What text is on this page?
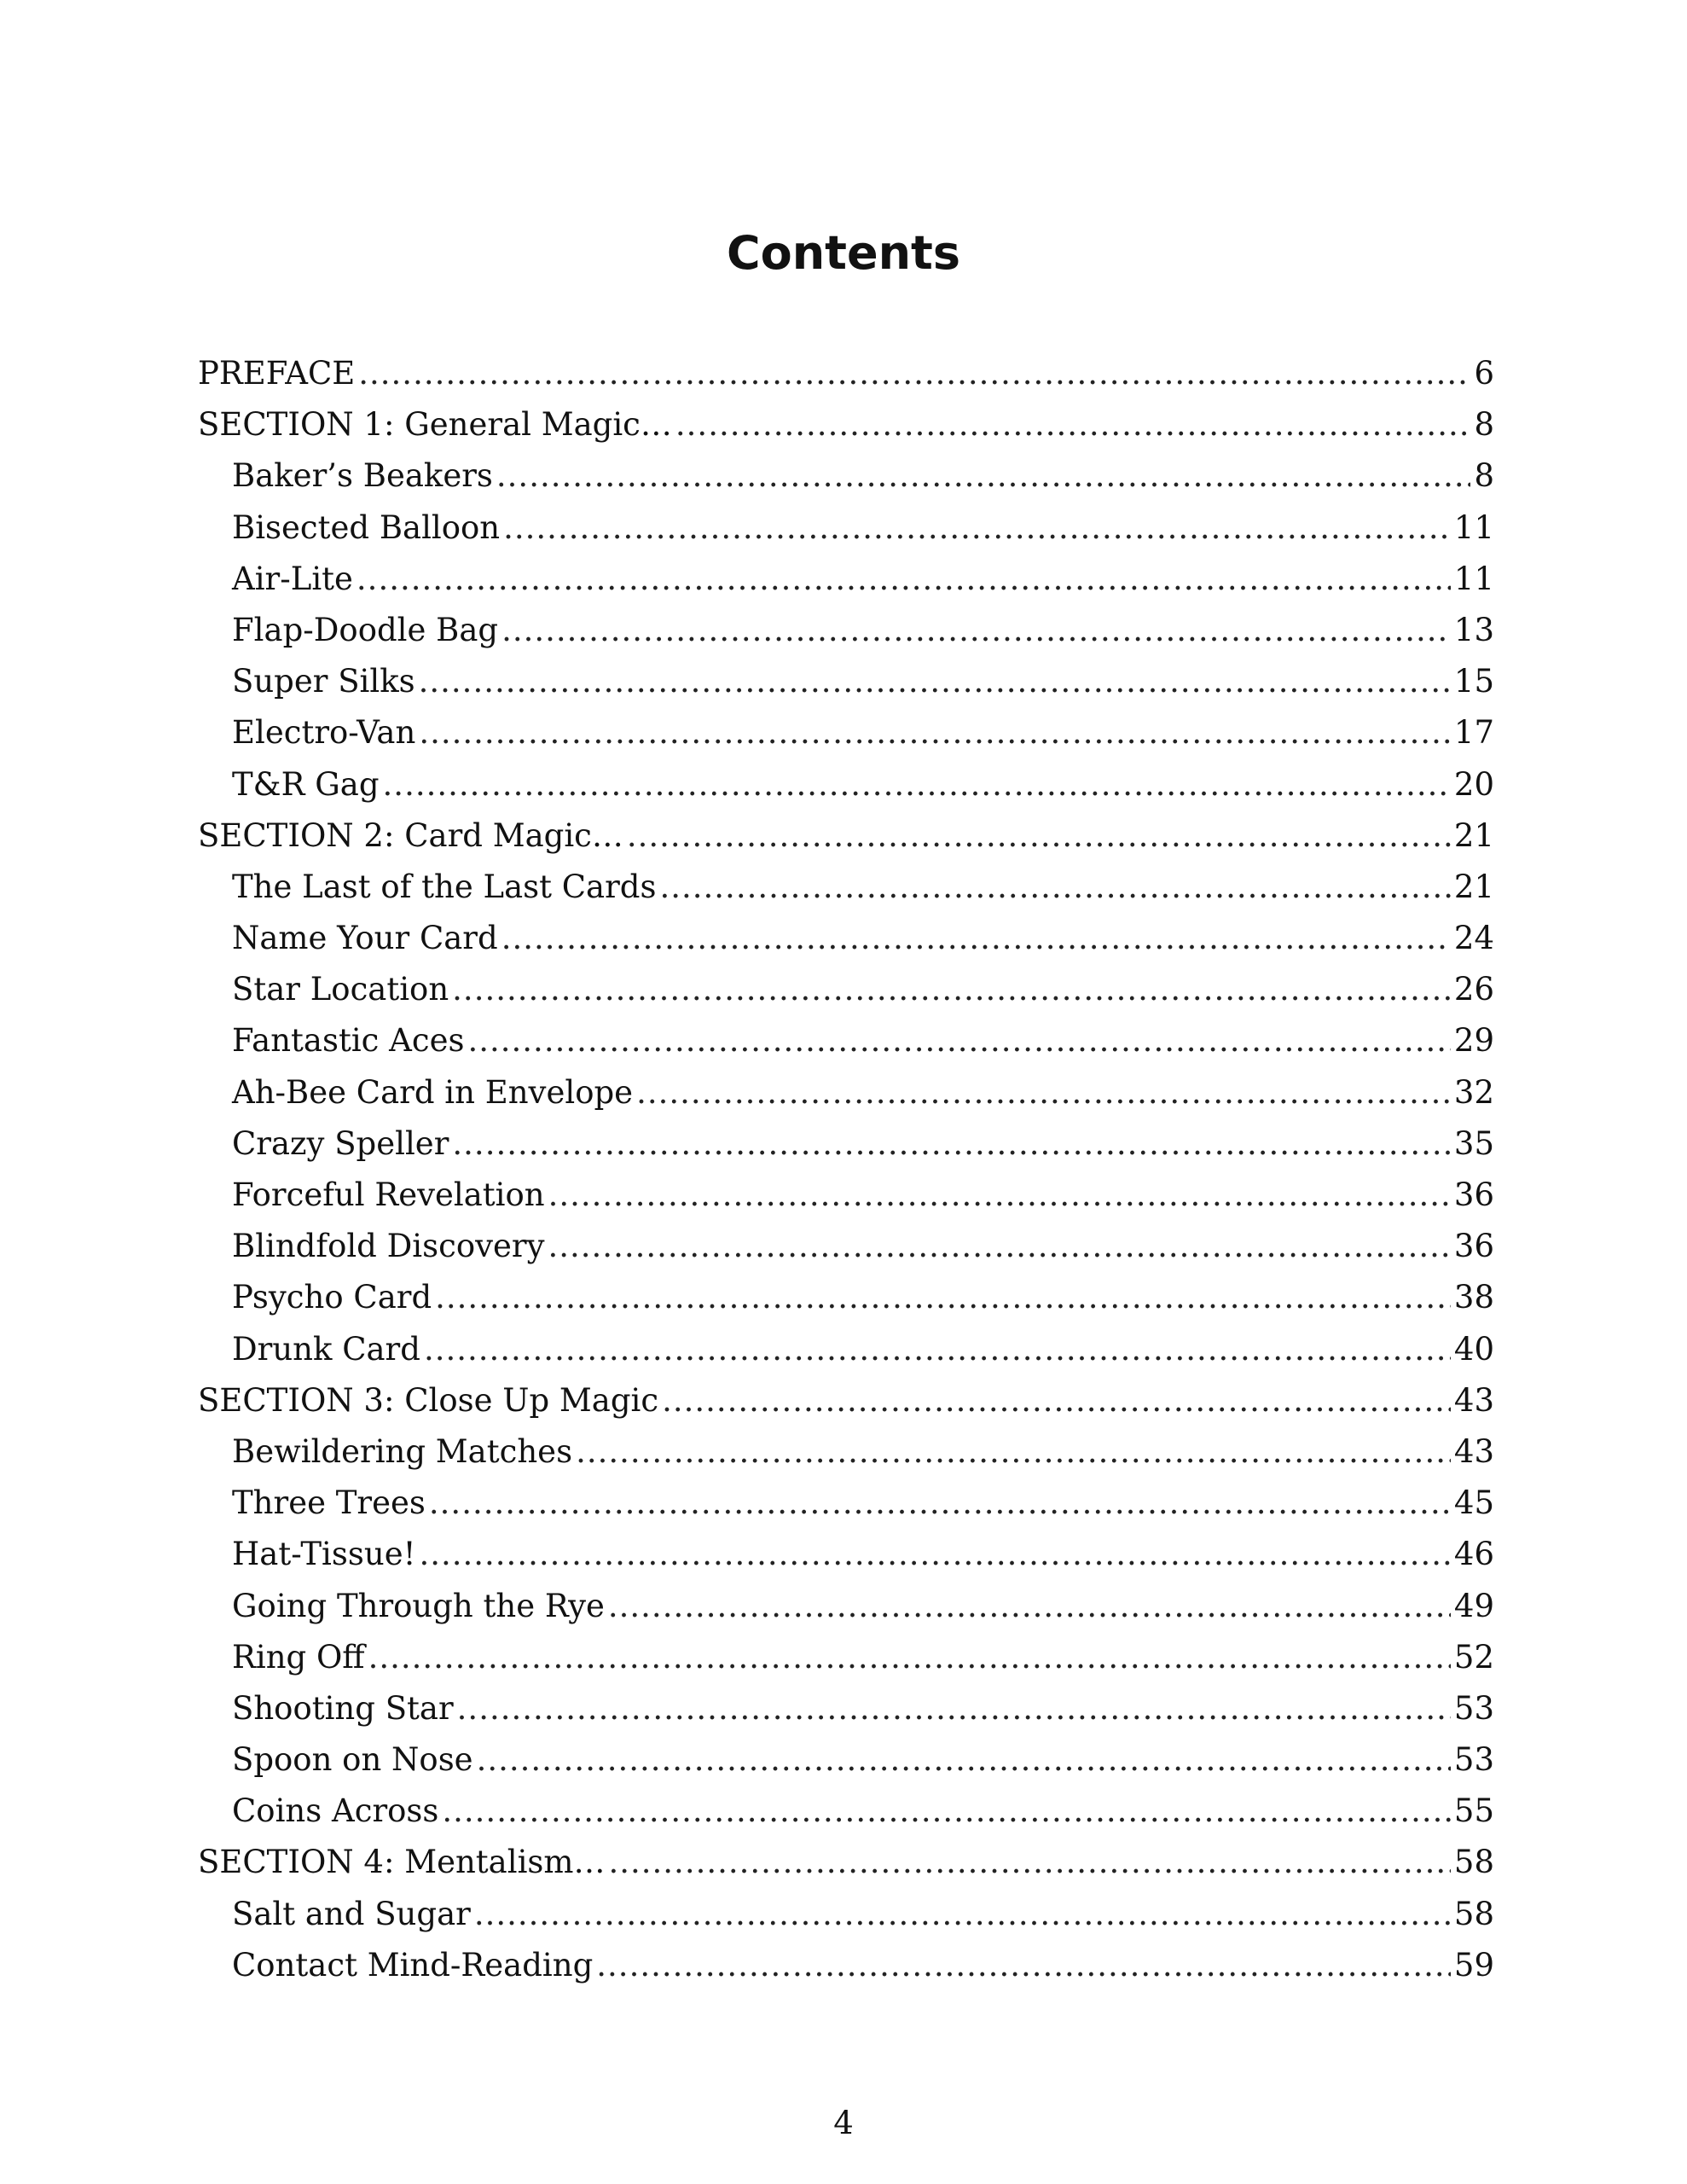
Contents
PREFACE .....	6
SECTION 1: General Magic… .....	8
Baker’s Beakers .....	8
Bisected Balloon .....	11
Air-Lite .....	11
Flap-Doodle Bag .....	13
Super Silks .....	15
Electro-Van .....	17
T&R Gag .....	20
SECTION 2: Card Magic… .....	21
The Last of the Last Cards .....	21
Name Your Card .....	24
Star Location .....	26
Fantastic Aces .....	29
Ah-Bee Card in Envelope .....	32
Crazy Speller .....	35
Forceful Revelation .....	36
Blindfold Discovery .....	36
Psycho Card .....	38
Drunk Card .....	40
SECTION 3: Close Up Magic .....	43
Bewildering Matches .....	43
Three Trees .....	45
Hat-Tissue! .....	46
Going Through the Rye .....	49
Ring Off .....	52
Shooting Star .....	53
Spoon on Nose .....	53
Coins Across .....	55
SECTION 4: Mentalism… .....	58
Salt and Sugar .....	58
Contact Mind-Reading .....	59
4
